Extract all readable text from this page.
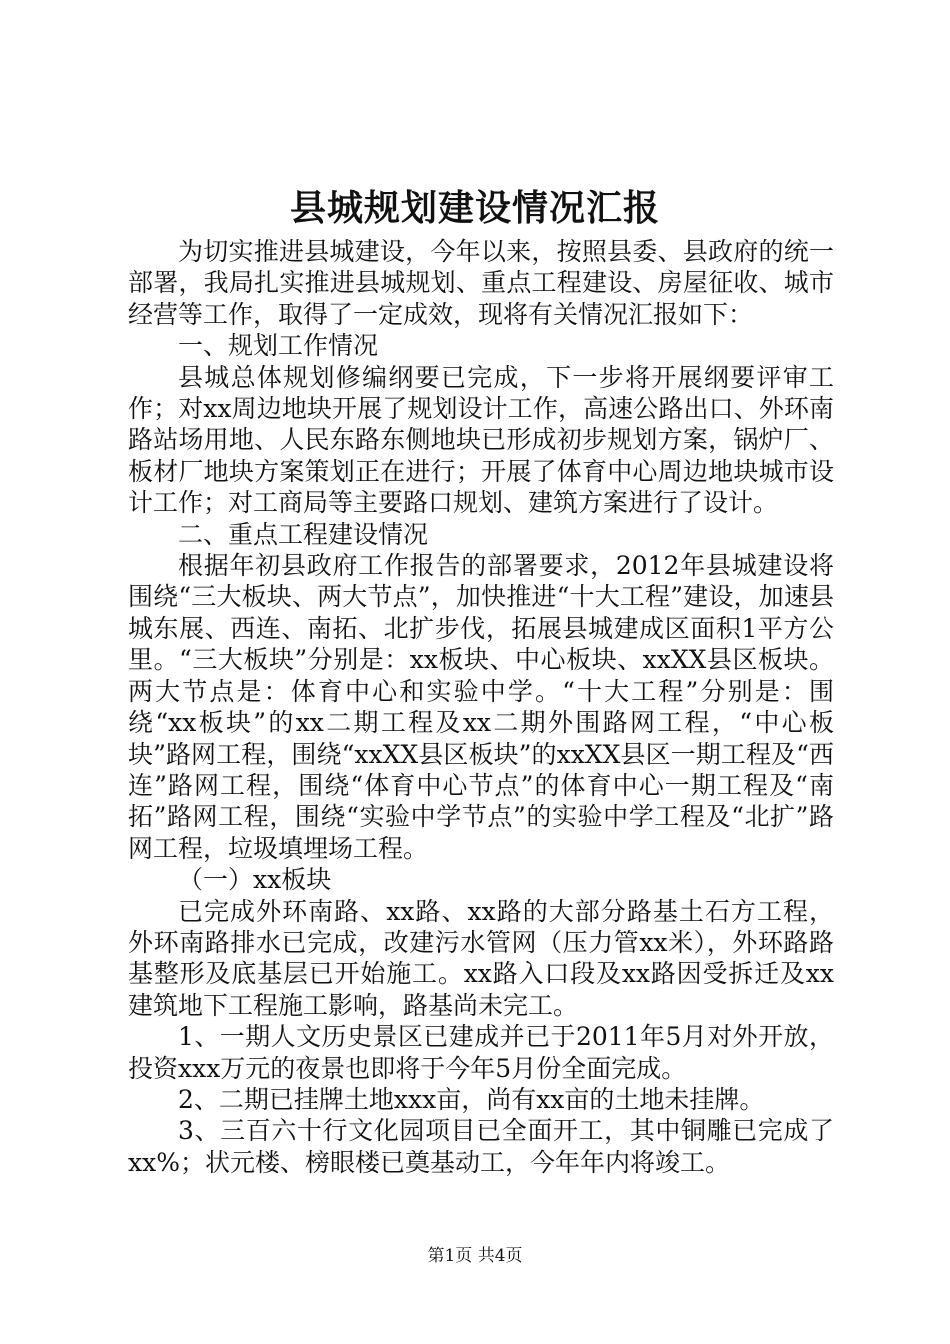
县城规划建设情况汇报

为切实推进县城建设，今年以来，按照县委、县政府的统一部署，我局扎实推进县城规划、重点工程建设、房屋征收、城市经营等工作，取得了一定成效，现将有关情况汇报如下：

一、规划工作情况

县城总体规划修编纲要已完成，下一步将开展纲要评审工作；对xx周边地块开展了规划设计工作，高速公路出口、外环南路站场用地、人民东路东侧地块已形成初步规划方案，锅炉厂、板材厂地块方案策划正在进行；开展了体育中心周边地块城市设计工作；对工商局等主要路口规划、建筑方案进行了设计。

二、重点工程建设情况

根据年初县政府工作报告的部署要求，2012年县城建设将围绕“三大板块、两大节点”，加快推进“十大工程”建设，加速县城东展、西连、南拓、北扩步伐，拓展县城建成区面积1平方公里。“三大板块”分别是：xx板块、中心板块、xxXX县区板块。两大节点是：体育中心和实验中学。“十大工程”分别是：围绕“xx板块”的xx二期工程及xx二期外围路网工程，“中心板块”路网工程，围绕“xxXX县区板块”的xxXX县区一期工程及“西连”路网工程，围绕“体育中心节点”的体育中心一期工程及“南拓”路网工程，围绕“实验中学节点”的实验中学工程及“北扩”路网工程，垃圾填埋场工程。

（一）xx板块

已完成外环南路、xx路、xx路的大部分路基土石方工程，外环南路排水已完成，改建污水管网（压力管xx米），外环路路基整形及底基层已开始施工。xx路入口段及xx路因受拆迁及xx建筑地下工程施工影响，路基尚未完工。

1、一期人文历史景区已建成并已于2011年5月对外开放，投资xxx万元的夜景也即将于今年5月份全面完成。

2、二期已挂牌土地xxx亩，尚有xx亩的土地未挂牌。

3、三百六十行文化园项目已全面开工，其中铜雕已完成了xx%；状元楼、榜眼楼已奠基动工，今年年内将竣工。

第1页 共4页
